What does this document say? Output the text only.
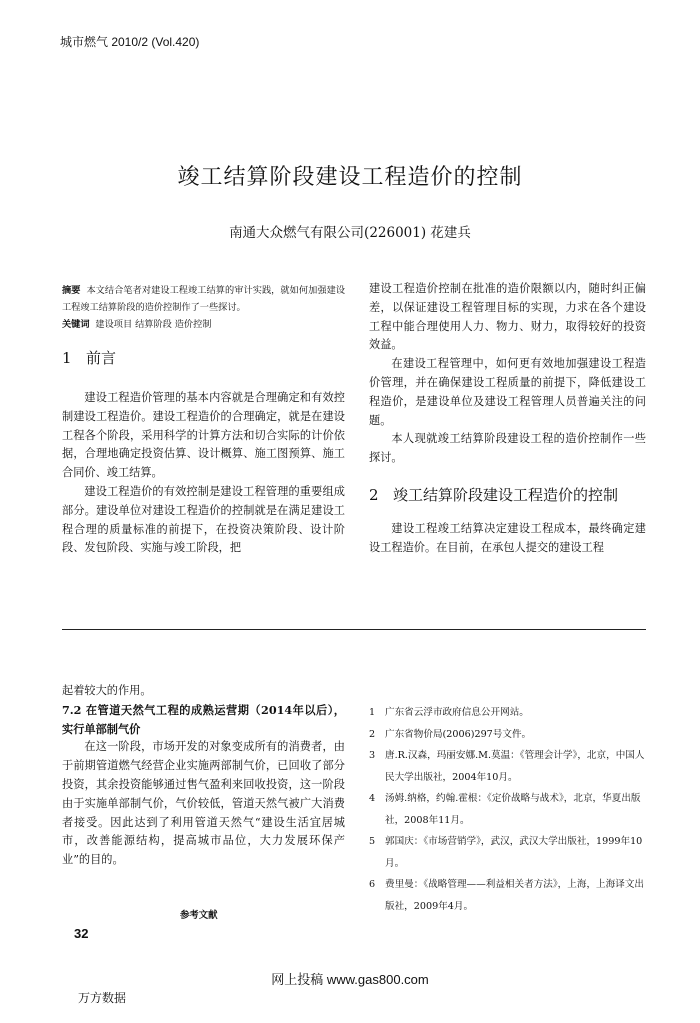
城市燃气 2010/2 (Vol.420)
竣工结算阶段建设工程造价的控制
南通大众燃气有限公司(226001) 花建兵

摘要 本文结合笔者对建设工程竣工结算的审计实践，就如何加强建设工程竣工结算阶段的造价控制作了一些探讨。

关键词 建设项目 结算阶段 造价控制

1 前言

建设工程造价管理的基本内容就是合理确定和有效控制建设工程造价。建设工程造价的合理确定，就是在建设工程各个阶段，采用科学的计算方法和切合实际的计价依据，合理地确定投资估算、设计概算、施工图预算、施工合同价、竣工结算。

建设工程造价的有效控制是建设工程管理的重要组成部分。建设单位对建设工程造价的控制就是在满足建设工程合理的质量标准的前提下，在投资决策阶段、设计阶段、发包阶段、实施与竣工阶段，把

建设工程造价控制在批准的造价限额以内，随时纠正偏差，以保证建设工程管理目标的实现，力求在各个建设工程中能合理使用人力、物力、财力，取得较好的投资效益。

在建设工程管理中，如何更有效地加强建设工程造价管理，并在确保建设工程质量的前提下，降低建设工程造价，是建设单位及建设工程管理人员普遍关注的问题。

本人现就竣工结算阶段建设工程的造价控制作一些探讨。

2 竣工结算阶段建设工程造价的控制

建设工程竣工结算决定建设工程成本，最终确定建设工程造价。在目前，在承包人提交的建设工程

起着较大的作用。

7.2 在管道天然气工程的成熟运营期（2014年以后），实行单部制气价

在这一阶段，市场开发的对象变成所有的消费者，由于前期管道燃气经营企业实施两部制气价，已回收了部分投资，其余投资能够通过售气盈利来回收投资，这一阶段由于实施单部制气价，气价较低，管道天然气被广大消费者接受。因此达到了利用管道天然气“建设生活宜居城市，改善能源结构，提高城市品位，大力发展环保产业”的目的。

参考文献
32
1	广东省云浮市政府信息公开网站。
2	广东省物价局(2006)297号文件。
3	唐.R.汉森，玛丽安娜.M.莫温：《管理会计学》，北京，中国人民大学出版社，2004年10月。
4	汤姆.纳格，约翰.霍根：《定价战略与战术》，北京，华夏出版社，2008年11月。
5	郭国庆：《市场营销学》，武汉，武汉大学出版社，1999年10月。
6	费里曼：《战略管理——利益相关者方法》，上海，上海译文出版社，2009年4月。
网上投稿 www.gas800.com
万方数据
